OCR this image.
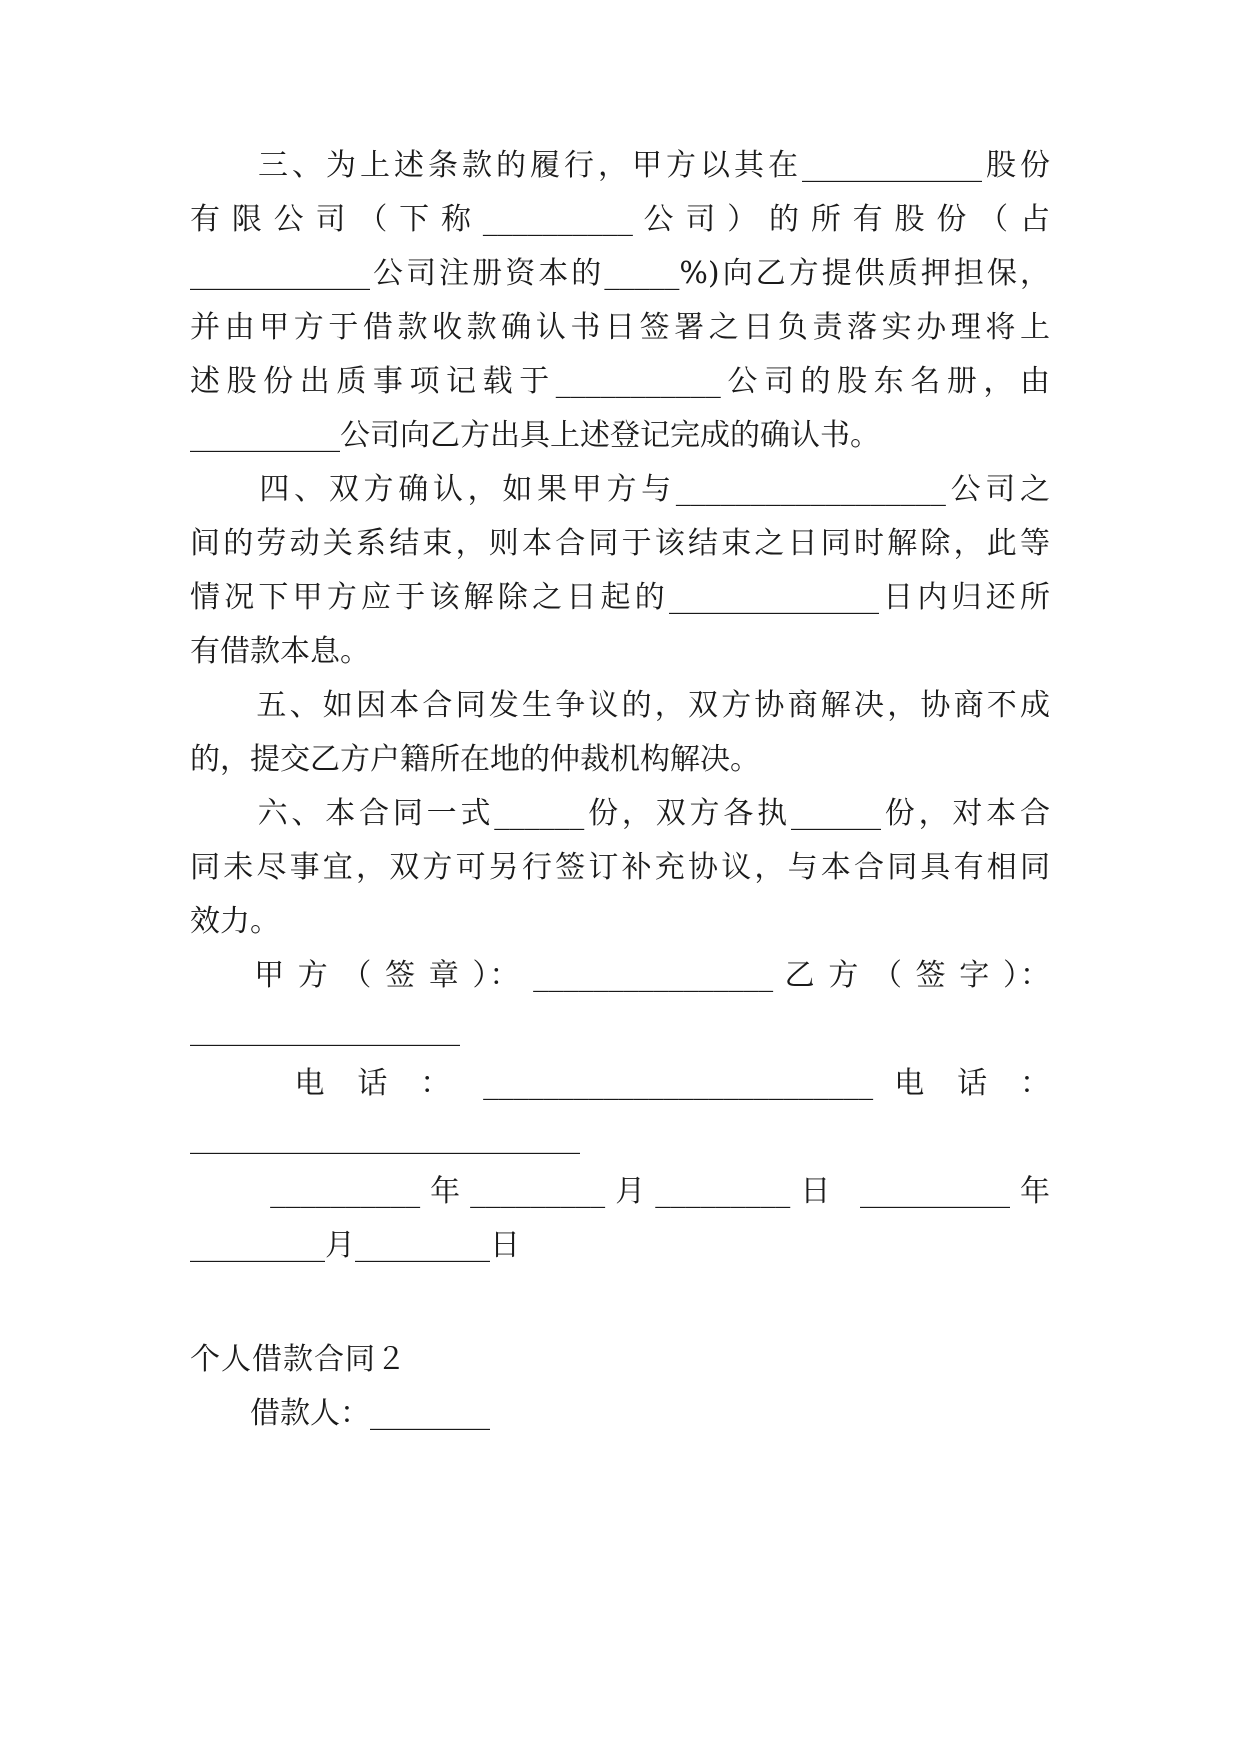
　　三、为上述条款的履行，甲方以其在____________股份
有 限 公 司 （ 下 称 __________ 公 司 ） 的 所 有 股 份 （ 占
____________公司注册资本的_____%)向乙方提供质押担保，
并由甲方于借款收款确认书日签署之日负责落实办理将上
述股份出质事项记载于___________公司的股东名册，由
__________公司向乙方出具上述登记完成的确认书。
　　四、双方确认，如果甲方与__________________公司之
间的劳动关系结束，则本合同于该结束之日同时解除，此等
情况下甲方应于该解除之日起的______________日内归还所
有借款本息。
　　五、如因本合同发生争议的，双方协商解决，协商不成
的，提交乙方户籍所在地的仲裁机构解决。
　　六、本合同一式______份，双方各执______份，对本合
同未尽事宜，双方可另行签订补充协议，与本合同具有相同
效力。
　　甲 方 （ 签 章 ）： ________________ 乙 方 （ 签 字 ）：
__________________
　　 电 话 ： __________________________ 电 话 ：
__________________________
　　__________年_________月_________日 __________年
_________月_________日
个人借款合同２
　　借款人：________
